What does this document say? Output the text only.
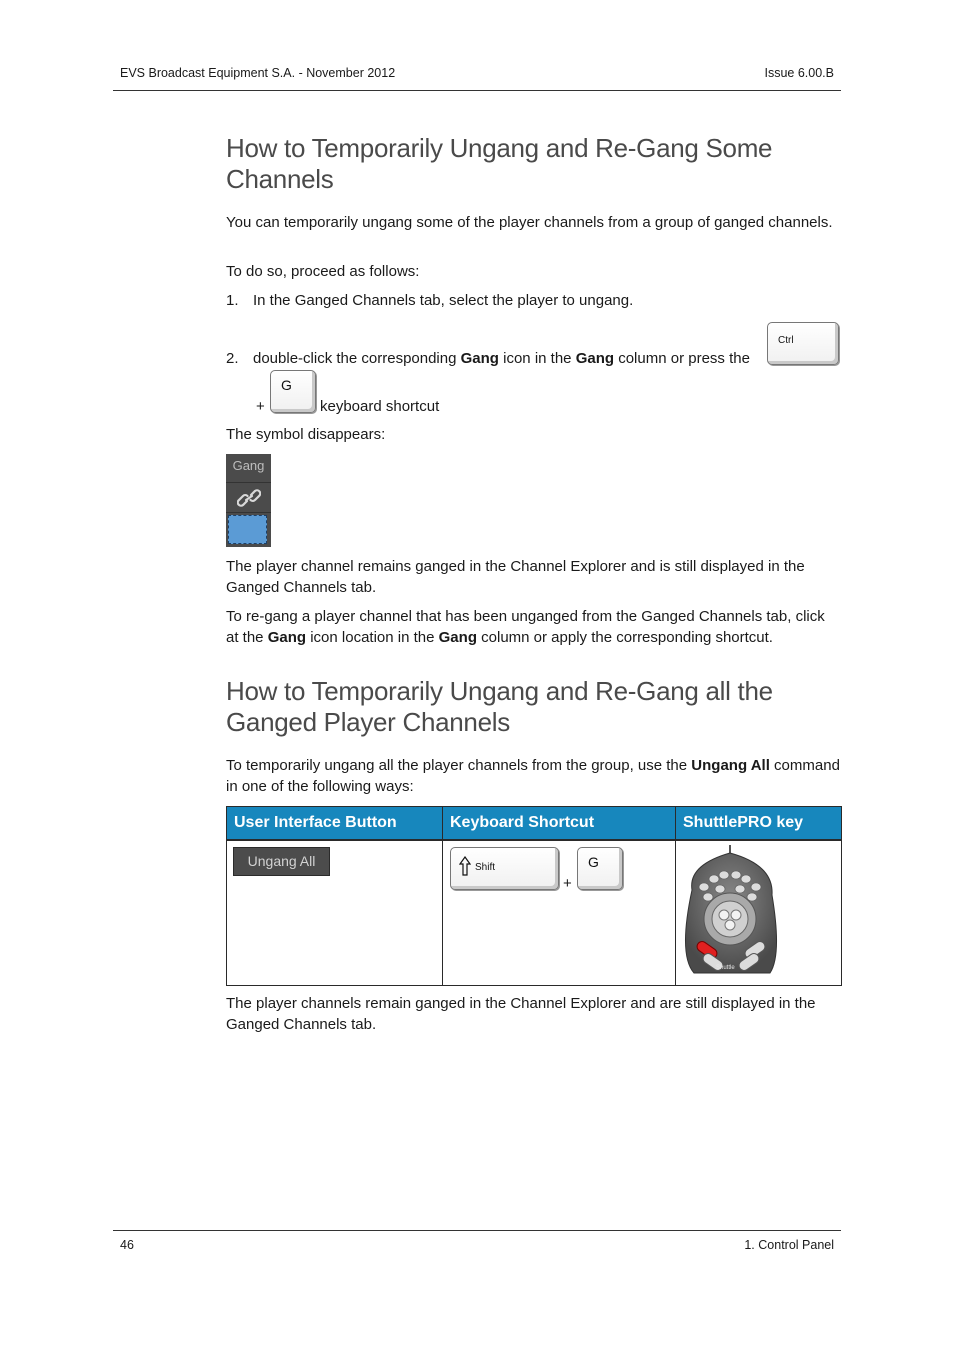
EVS Broadcast Equipment S.A. - November 2012	Issue 6.00.B
How to Temporarily Ungang and Re-Gang Some Channels
You can temporarily ungang some of the player channels from a group of ganged channels.
To do so, proceed as follows:
1. In the Ganged Channels tab, select the player to ungang.
2. double-click the corresponding Gang icon in the Gang column or press the
Ctrl
+
G
keyboard shortcut
The symbol disappears:
Gang
The player channel remains ganged in the Channel Explorer and is still displayed in the Ganged Channels tab.
To re-gang a player channel that has been unganged from the Ganged Channels tab, click at the Gang icon location in the Gang column or apply the corresponding shortcut.
How to Temporarily Ungang and Re-Gang all the Ganged Player Channels
To temporarily ungang all the player channels from the group, use the Ungang All command in one of the following ways:
User Interface Button	Keyboard Shortcut	ShuttlePRO key

Ungang All	Shift
+
G	Shuttle
The player channels remain ganged in the Channel Explorer and are still displayed in the Ganged Channels tab.
46	1. Control Panel
